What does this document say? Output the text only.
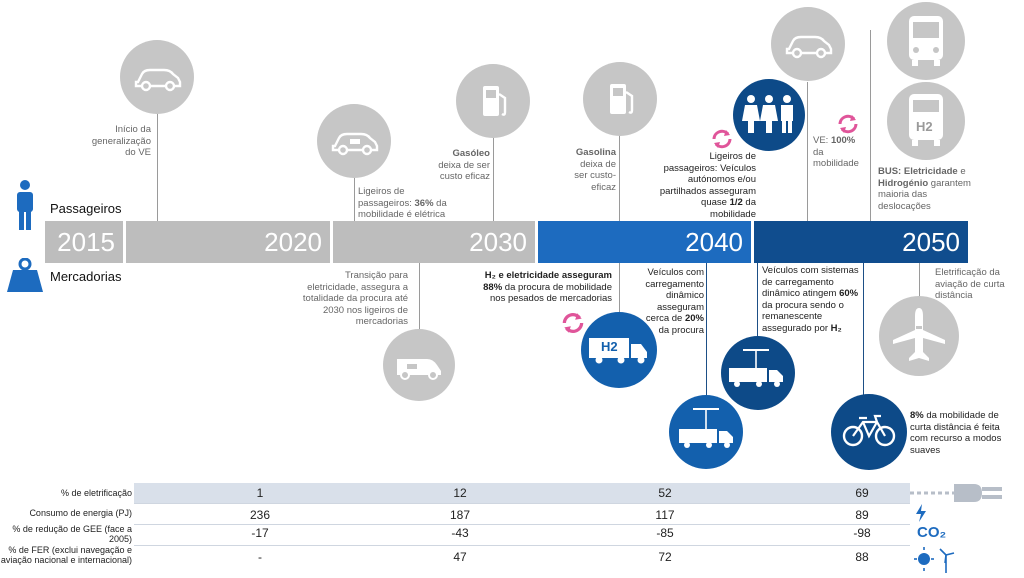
Passageiros
Mercadorias
2015	2020	2030	2040	2050
H2
Início da generalização do VE
Ligeiros de passageiros: 36% da mobilidade é elétrica
Gasóleo deixa de ser custo eficaz
Gasolina deixa de ser custo-eficaz
Ligeiros de passageiros: Veículos autónomos e/ou partilhados asseguram quase 1/2 da mobilidade
VE: 100% da mobilidade
BUS: Eletricidade e Hidrogénio garantem maioria das deslocações
Transição para eletricidade, assegura a totalidade da procura até 2030 nos ligeiros de mercadorias
H₂ e eletricidade asseguram 88% da procura de mobilidade nos pesados de mercadorias
Veículos com carregamento dinâmico asseguram cerca de 20% da procura
Veículos com sistemas de carregamento dinâmico atingem 60% da procura sendo o remanescente assegurado por H₂
Eletrificação da aviação de curta distância
8% da mobilidade de curta distância é feita com recurso a modos suaves
H2
% de eletrificação	1	12	52	69
Consumo de energia (PJ)	236	187	117	89
% de redução de GEE (face a 2005)	-17	-43	-85	-98
% de FER (exclui navegação e aviação nacional e internacional)	-	47	72	88
CO₂
